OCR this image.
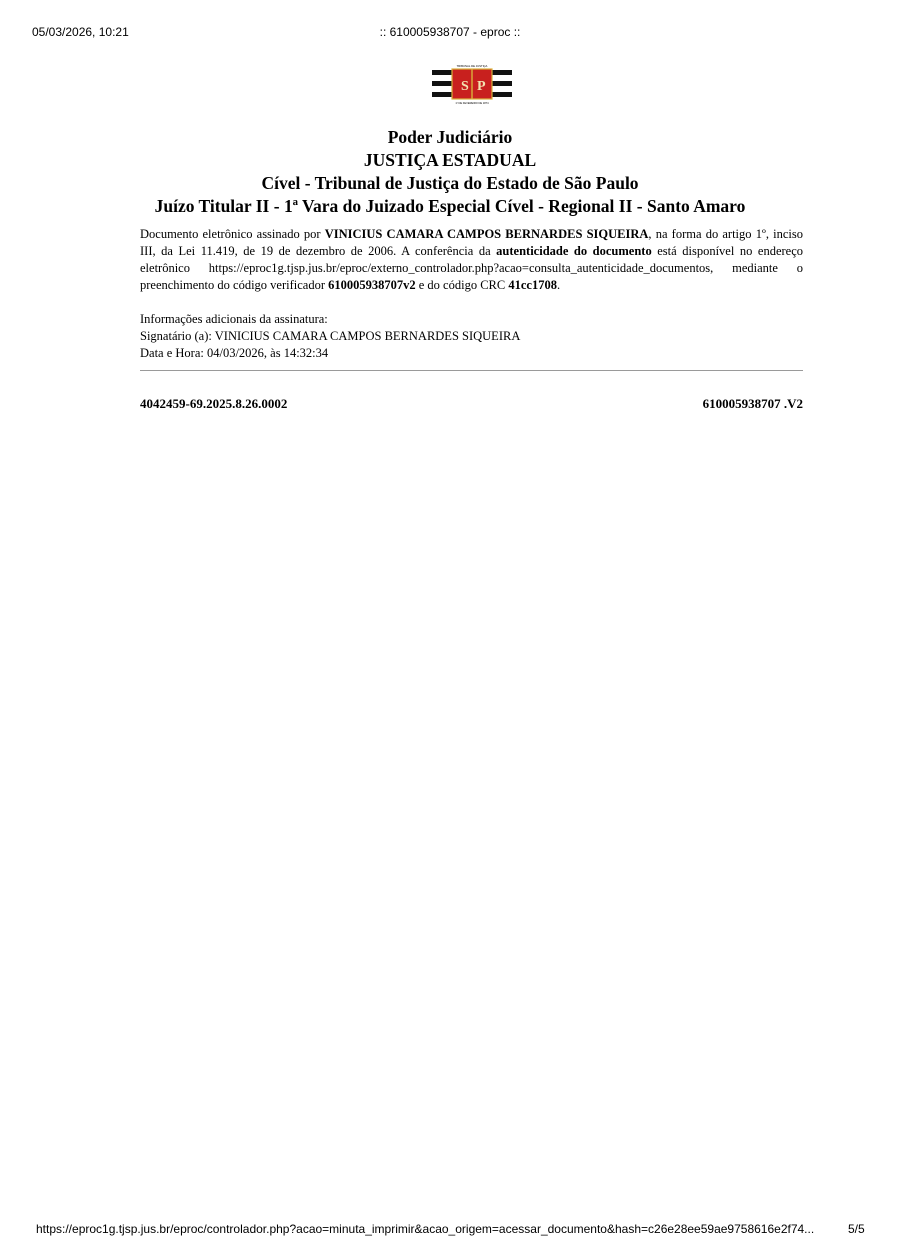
05/03/2026, 10:21	:: 610005938707 - eproc ::
S P
TRIBUNAL DE JUSTIÇA
1º DE FEVEREIRO DE 1874
Poder Judiciário
JUSTIÇA ESTADUAL
Cível - Tribunal de Justiça do Estado de São Paulo
Juízo Titular II - 1ª Vara do Juizado Especial Cível - Regional II - Santo Amaro

Documento eletrônico assinado por VINICIUS CAMARA CAMPOS BERNARDES SIQUEIRA, na forma do artigo 1º, inciso III, da Lei 11.419, de 19 de dezembro de 2006. A conferência da autenticidade do documento está disponível no endereço eletrônico https://eproc1g.tjsp.jus.br/eproc/externo_controlador.php?acao=consulta_autenticidade_documentos, mediante o preenchimento do código verificador 610005938707v2 e do código CRC 41cc1708.

Informações adicionais da assinatura:
Signatário (a): VINICIUS CAMARA CAMPOS BERNARDES SIQUEIRA
Data e Hora: 04/03/2026, às 14:32:34
4042459-69.2025.8.26.0002	610005938707 .V2
https://eproc1g.tjsp.jus.br/eproc/controlador.php?acao=minuta_imprimir&acao_origem=acessar_documento&hash=c26e28ee59ae9758616e2f74...	5/5
